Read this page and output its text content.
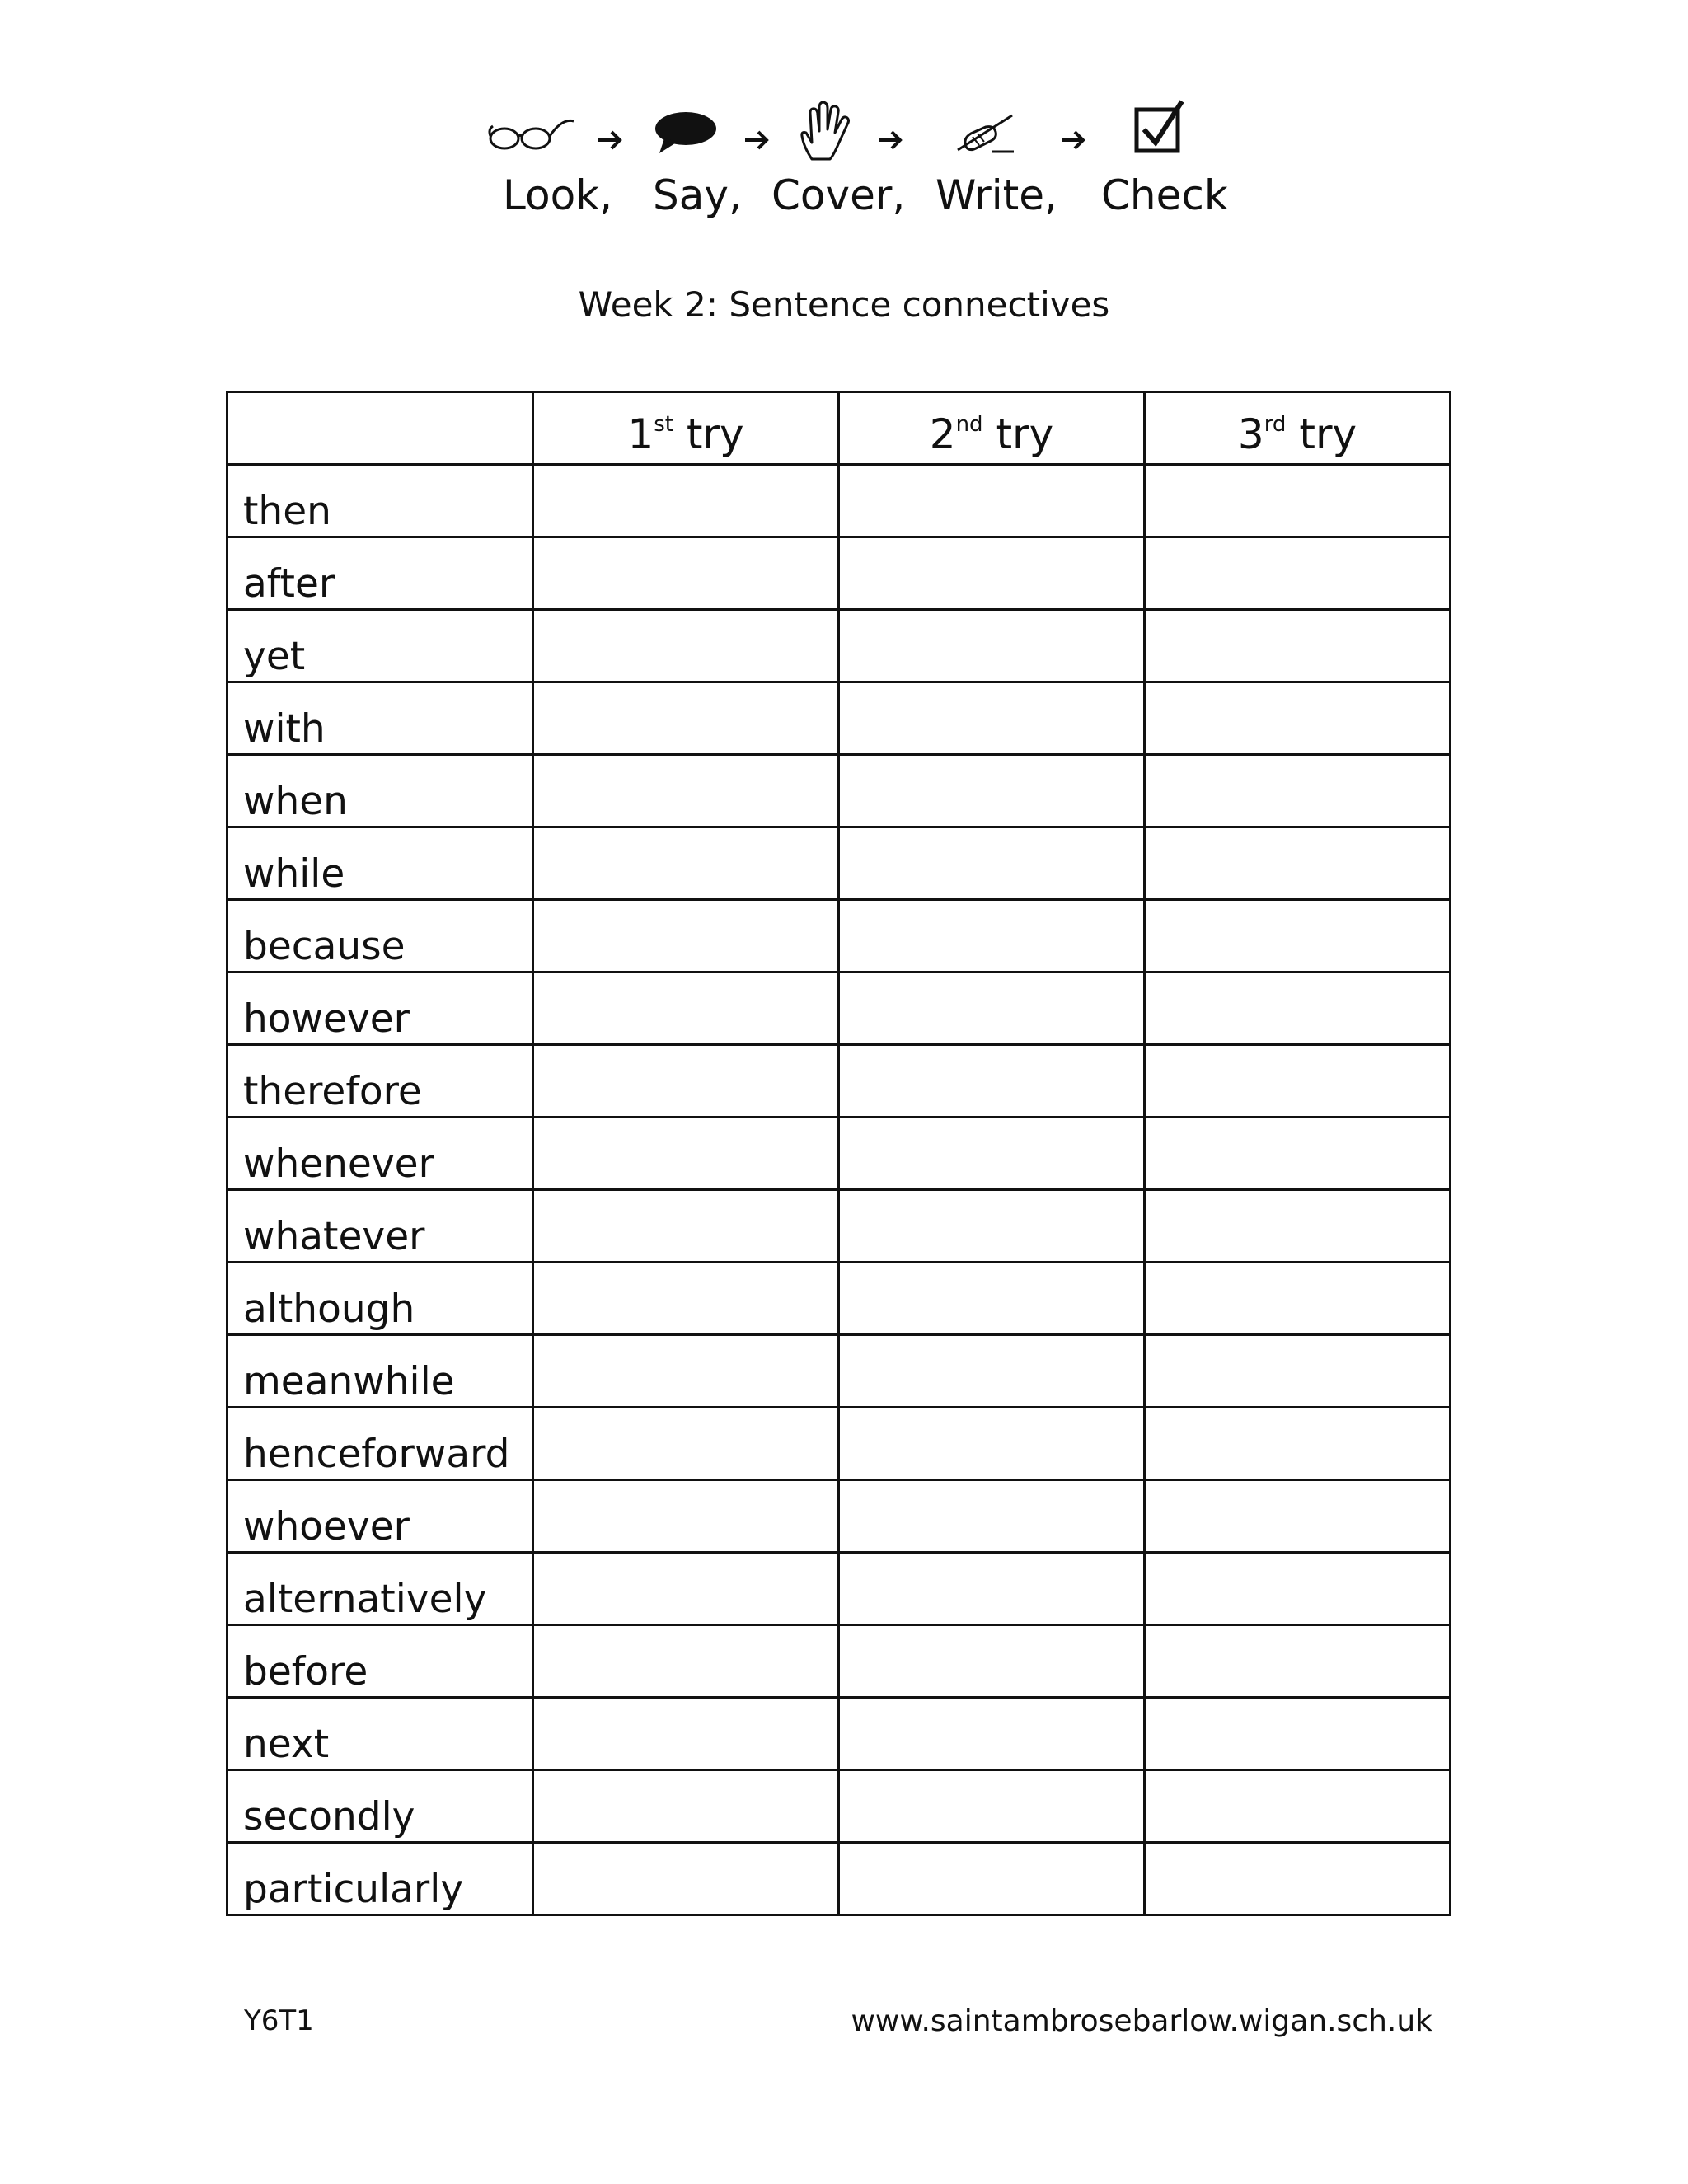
Look, Say, Cover, Write, Check
Week 2: Sentence connectives
	1st try	2nd try	3rd try
then			
after			
yet			
with			
when			
while			
because			
however			
therefore			
whenever			
whatever			
although			
meanwhile			
henceforward			
whoever			
alternatively			
before			
next			
secondly			
particularly			
Y6T1	www.saintambrosebarlow.wigan.sch.uk
